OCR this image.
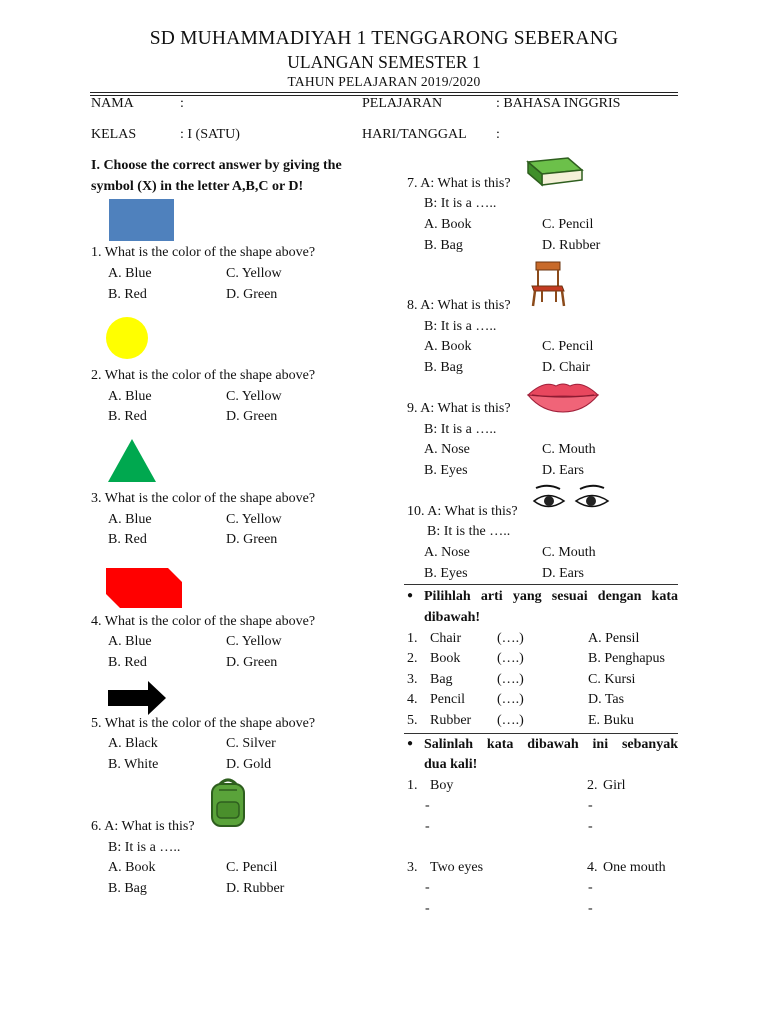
SD MUHAMMADIYAH 1 TENGGARONG SEBERANG
ULANGAN SEMESTER 1
TAHUN PELAJARAN 2019/2020
NAMA	:	PELAJARAN	: BAHASA INGGRIS
KELAS	: I (SATU)	HARI/TANGGAL :
I. Choose the correct answer by giving the
symbol (X) in the letter A,B,C or D!
1. What is the color of the shape above?
A. Blue	C. Yellow
B. Red	D. Green
2. What is the color of the shape above?
A. Blue	C. Yellow
B. Red	D. Green
3. What is the color of the shape above?
A. Blue	C. Yellow
B. Red	D. Green
4. What is the color of the shape above?
A. Blue	C. Yellow
B. Red	D. Green
5. What is the color of the shape above?
A. Black	C. Silver
B. White	D. Gold
6. A: What is this?
B: It is a …..
A. Book	C. Pencil
B. Bag	D. Rubber
7. A: What is this?
B: It is a …..
A. Book	C. Pencil
B. Bag	D. Rubber
8. A: What is this?
B: It is a …..
A. Book	C. Pencil
B. Bag	D. Chair
9. A: What is this?
B: It is a …..
A. Nose	C. Mouth
B. Eyes	D. Ears
10. A: What is this?
B: It is the …..
A. Nose	C. Mouth
B. Eyes	D. Ears
● Pilihlah arti yang sesuai dengan kata
dibawah!
1. Chair	(….)	A. Pensil
2. Book	(….)	B. Penghapus
3. Bag	(….)	C. Kursi
4. Pencil (….)	D. Tas
5. Rubber (….)	E. Buku
● Salinlah kata dibawah ini sebanyak
dua kali!
1. Boy	2. Girl
-	-
-	-
3. Two eyes	4. One mouth
-	-
-	-
